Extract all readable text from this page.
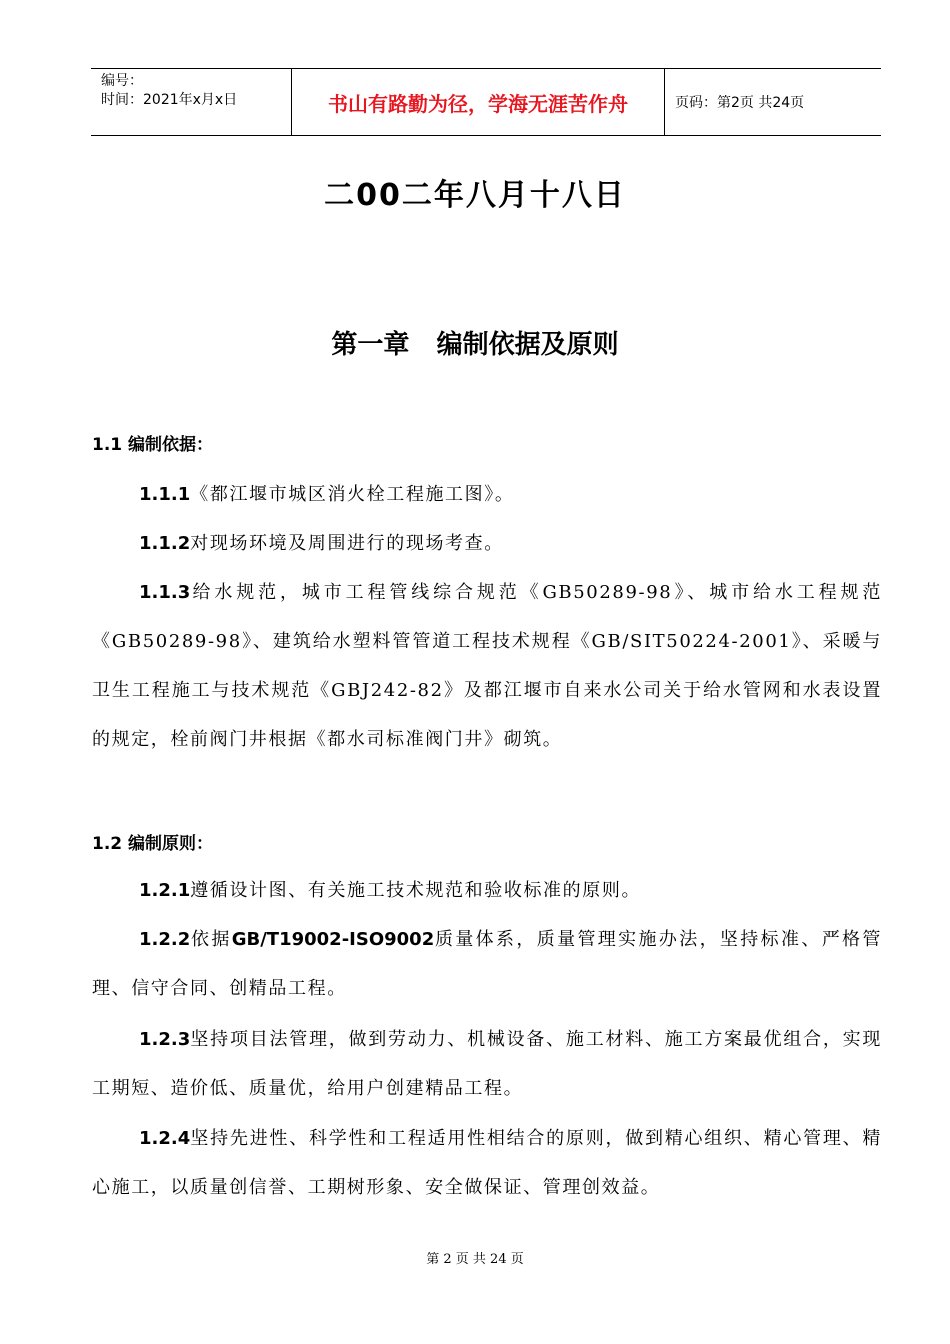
编号：
时间：2021年x月x日	书山有路勤为径，学海无涯苦作舟	页码：第2页 共24页
二00二年八月十八日
第一章   编制依据及原则
1.1 编制依据：
1.1.1《都江堰市城区消火栓工程施工图》。
1.1.2对现场环境及周围进行的现场考查。
1.1.3给水规范，城市工程管线综合规范《GB50289-98》、城市给水工程规范《GB50289-98》、建筑给水塑料管管道工程技术规程《GB/SIT50224-2001》、采暖与卫生工程施工与技术规范《GBJ242-82》及都江堰市自来水公司关于给水管网和水表设置的规定，栓前阀门井根据《都水司标准阀门井》砌筑。
1.2 编制原则：
1.2.1遵循设计图、有关施工技术规范和验收标准的原则。
1.2.2依据GB/T19002-ISO9002质量体系，质量管理实施办法，坚持标准、严格管理、信守合同、创精品工程。
1.2.3坚持项目法管理，做到劳动力、机械设备、施工材料、施工方案最优组合，实现工期短、造价低、质量优，给用户创建精品工程。
1.2.4坚持先进性、科学性和工程适用性相结合的原则，做到精心组织、精心管理、精心施工，以质量创信誉、工期树形象、安全做保证、管理创效益。
第 2 页 共 24 页
